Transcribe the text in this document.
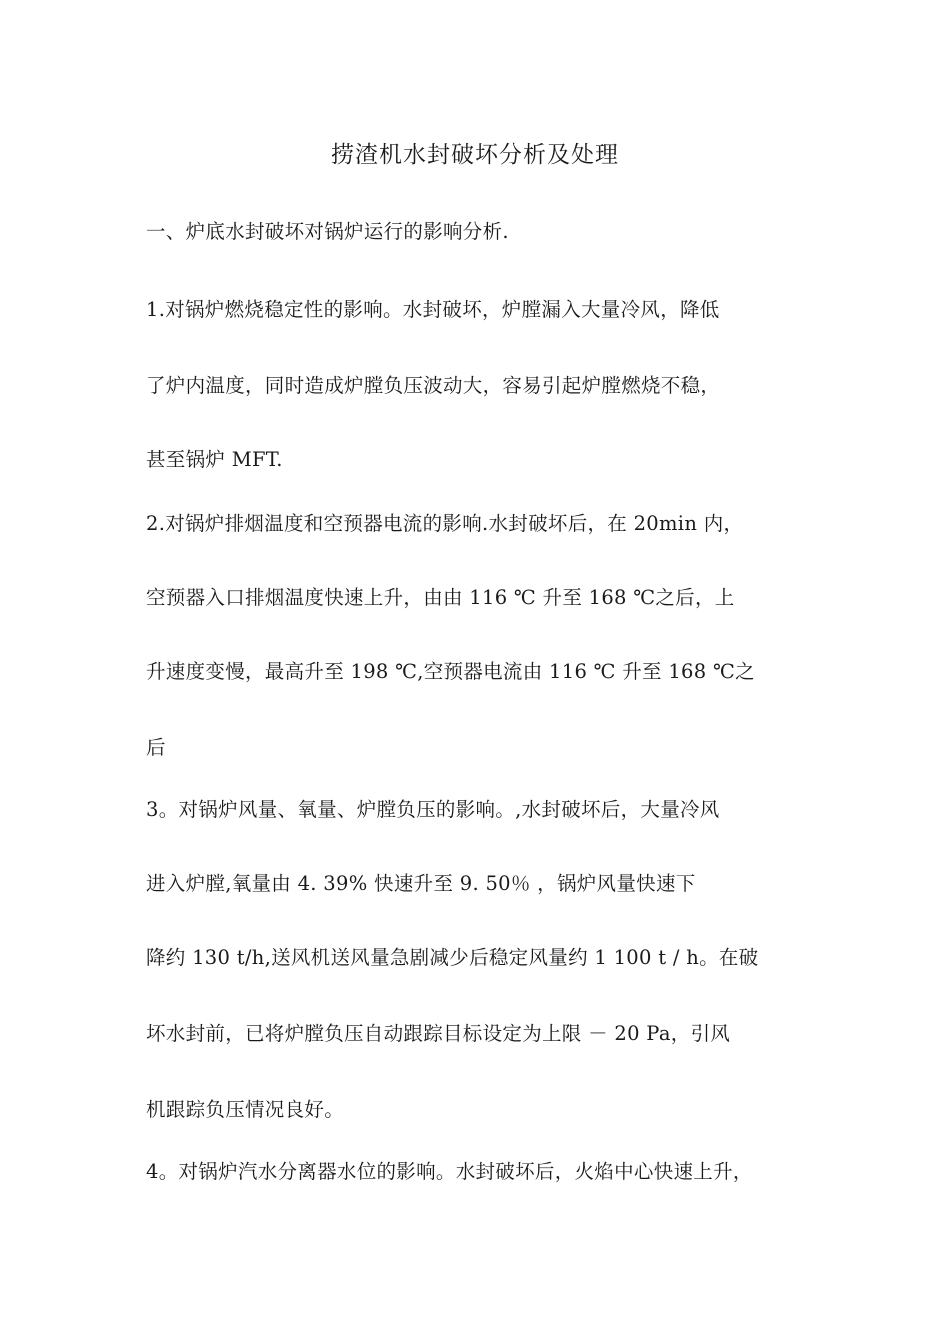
捞渣机水封破坏分析及处理
一、炉底水封破坏对锅炉运行的影响分析.
1.对锅炉燃烧稳定性的影响。水封破坏，炉膛漏入大量冷风，降低
了炉内温度，同时造成炉膛负压波动大，容易引起炉膛燃烧不稳，
甚至锅炉 MFT.
2.对锅炉排烟温度和空预器电流的影响.水封破坏后，在 20min 内，
空预器入口排烟温度快速上升，由由 116 ℃ 升至 168 ℃之后，上
升速度变慢，最高升至 198 ℃,空预器电流由 116 ℃ 升至 168 ℃之
后
3。对锅炉风量、氧量、炉膛负压的影响。,水封破坏后，大量冷风
进入炉膛,氧量由 4. 39% 快速升至 9. 50％ ，锅炉风量快速下
降约 130 t/h,送风机送风量急剧减少后稳定风量约 1 100 t / h。在破
坏水封前，已将炉膛负压自动跟踪目标设定为上限 － 20 Pa，引风
机跟踪负压情况良好。
4。对锅炉汽水分离器水位的影响。水封破坏后，火焰中心快速上升，
